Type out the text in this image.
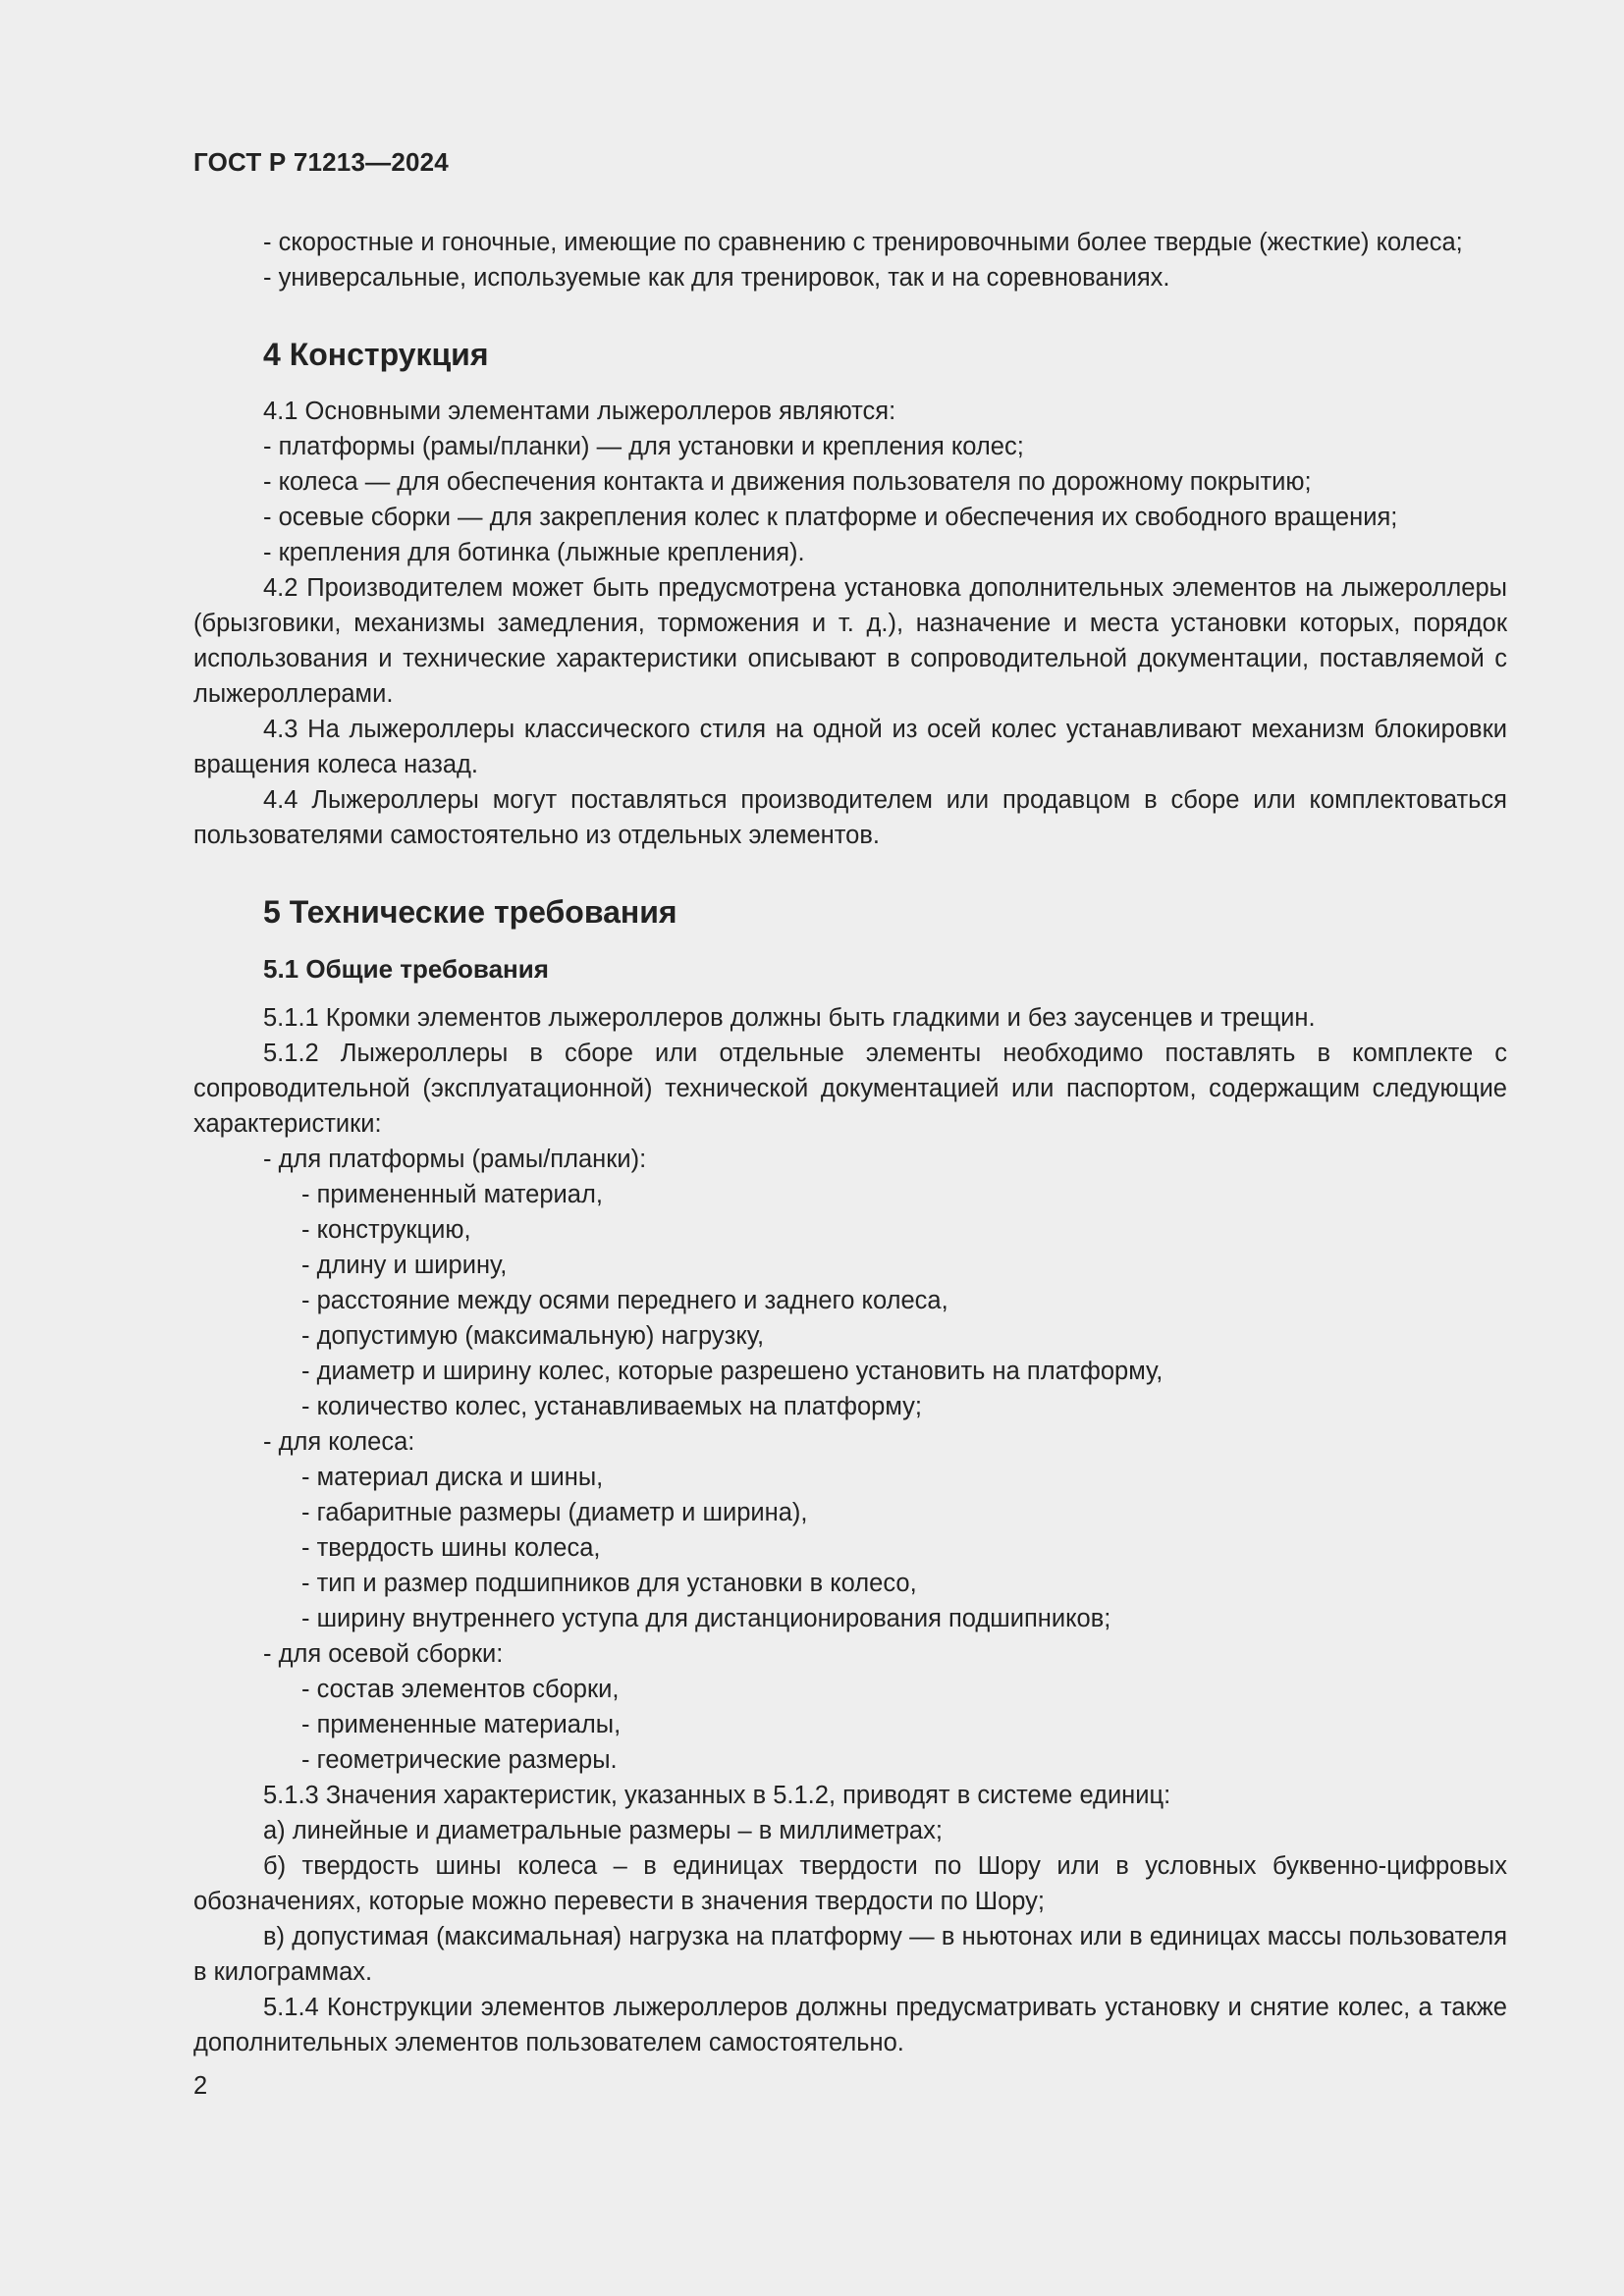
ГОСТ Р 71213—2024

- скоростные и гоночные, имеющие по сравнению с тренировочными более твердые (жесткие) колеса;

- универсальные, используемые как для тренировок, так и на соревнованиях.

4 Конструкция

4.1 Основными элементами лыжероллеров являются:

- платформы (рамы/планки) — для установки и крепления колес;

- колеса — для обеспечения контакта и движения пользователя по дорожному покрытию;

- осевые сборки — для закрепления колес к платформе и обеспечения их свободного вращения;

- крепления для ботинка (лыжные крепления).

4.2 Производителем может быть предусмотрена установка дополнительных элементов на лыжероллеры (брызговики, механизмы замедления, торможения и т. д.), назначение и места установки которых, порядок использования и технические характеристики описывают в сопроводительной документации, поставляемой с лыжероллерами.

4.3 На лыжероллеры классического стиля на одной из осей колес устанавливают механизм блокировки вращения колеса назад.

4.4 Лыжероллеры могут поставляться производителем или продавцом в сборе или комплектоваться пользователями самостоятельно из отдельных элементов.

5 Технические требования
5.1 Общие требования

5.1.1 Кромки элементов лыжероллеров должны быть гладкими и без заусенцев и трещин.

5.1.2 Лыжероллеры в сборе или отдельные элементы необходимо поставлять в комплекте с сопроводительной (эксплуатационной) технической документацией или паспортом, содержащим следующие характеристики:

- для платформы (рамы/планки):

- примененный материал,

- конструкцию,

- длину и ширину,

- расстояние между осями переднего и заднего колеса,

- допустимую (максимальную) нагрузку,

- диаметр и ширину колес, которые разрешено установить на платформу,

- количество колес, устанавливаемых на платформу;

- для колеса:

- материал диска и шины,

- габаритные размеры (диаметр и ширина),

- твердость шины колеса,

- тип и размер подшипников для установки в колесо,

- ширину внутреннего уступа для дистанционирования подшипников;

- для осевой сборки:

- состав элементов сборки,

- примененные материалы,

- геометрические размеры.

5.1.3 Значения характеристик, указанных в 5.1.2, приводят в системе единиц:

а) линейные и диаметральные размеры – в миллиметрах;

б) твердость шины колеса – в единицах твердости по Шору или в условных буквенно-цифровых обозначениях, которые можно перевести в значения твердости по Шору;

в) допустимая (максимальная) нагрузка на платформу — в ньютонах или в единицах массы пользователя в килограммах.

5.1.4 Конструкции элементов лыжероллеров должны предусматривать установку и снятие колес, а также дополнительных элементов пользователем самостоятельно.

2
